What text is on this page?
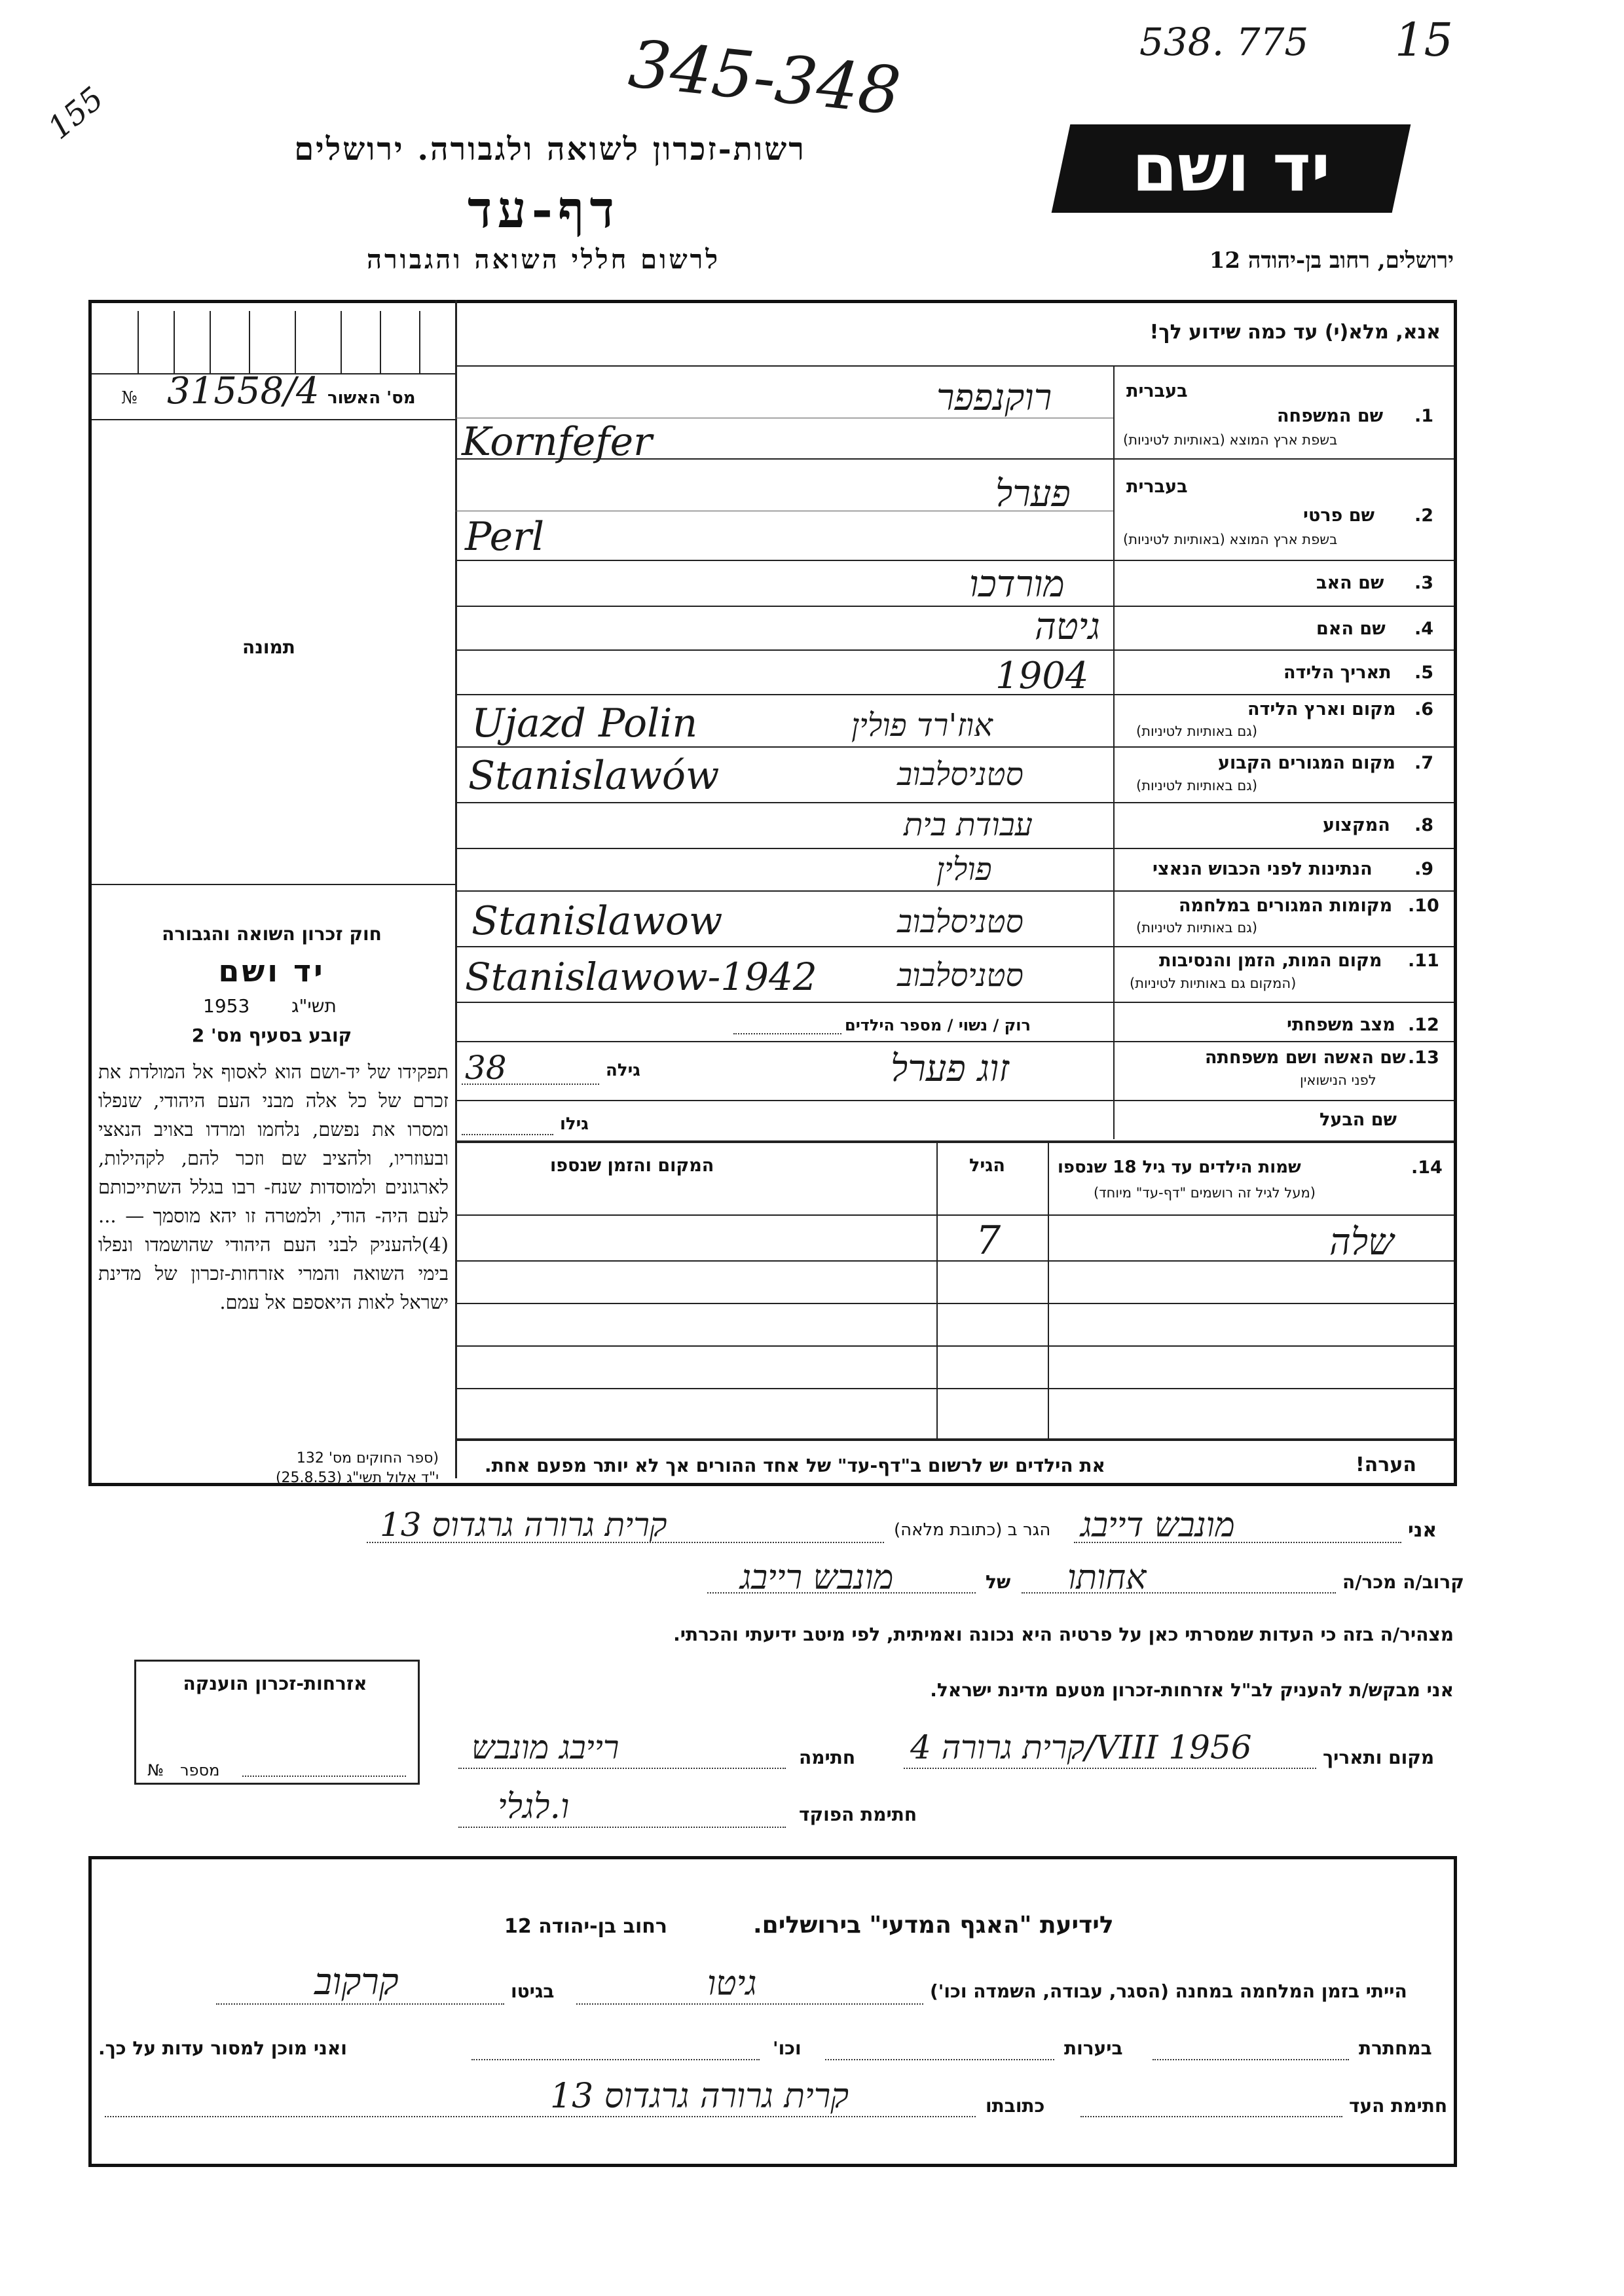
345-348	538. 775 15
155
רשות-זכרון לשואה ולגבורה. ירושלים
דף-עד
לרשום חללי השואה והגבורה
יד ושם
ירושלים, רחוב בן-יהודה 12
№ 31558/4 מס' האשור
תמונה
אנא, מלא(י) עד כמה שידוע לך!
בעברית
1.
שם המשפחה
בשפת ארץ המוצא (באותיות לטיניות)
רוקנפפר
Kornfefer
בעברית
2.
שם פרטי
בשפת ארץ המוצא (באותיות לטיניות)
פערל
Perl
3.
שם האב
מורדכו
4.
שם האם
גיטה
5.
תאריך הלידה
1904
6.
מקום וארץ הלידה
(גם באותיות לטיניות)
אוז'רד פולין
Ujazd Polin
7.
מקום המגורים הקבוע
(גם באותיות לטיניות)
סטניסלבוב
Stanislawów
8.
המקצוע
עבודת בית
9.
הנתינות לפני הכבוש הנאצי
פולין
10.
מקומות המגורים במלחמה
(גם באותיות לטיניות)
סטניסלבוב
Stanislawow
11.
מקום המות, הזמן והנסיבות
(המקום גם באותיות לטיניות)
סטניסלבוב
Stanislawow-1942
12.
מצב משפחתי
רוק / נשוי / מספר הילדים
13.
שם האשה ושם משפחתה
לפני הנישואין
זוג פערל
גילה
38
שם הבעל
גילו
14.
שמות הילדים עד גיל 18 שנספו
(מעל לגיל זה רושמים "דף-עד" מיוחד)
הגיל
המקום והזמן שנספו
שלה
7
הערה!
את הילדים יש לרשום ב"דף-עד" של אחד ההורים אך לא יותר מפעם אחת.
חוק זכרון השואה והגבורה
יד ושם
תשי"ג
1953
קובע בסעיף מס' 2
תפקידו של יד-ושם הוא לאסוף אל המולדת את זכרם של כל אלה מבני העם היהודי, שנפלו ומסרו את נפשם, נלחמו ומרדו באויב הנאצי ובעוזריו, ולהציב שם וזכר להם, לקהילות, לארגונים ולמוסדות שנח- רבו בגלל השתייכותם לעם היה- הודי, ולמטרה זו יהא מוסמך — ...(4)להעניק לבני העם היהודי שהושמדו ונפלו בימי השואה והמרי אזרחות-זכרון של מדינת ישראל לאות היאספם אל עמם.
(ספר החוקים מס' 132
י"ד אלול תשי"ג (25.8.53)
אני
מונבש דייבג
הגר ב (כתובת מלאה)
קרית גרורה גרגדוס 13
קרוב/ה מכר/ה
אחותו
של
מונבש רייבג
מצהיר/ה בזה כי העדות שמסרתי כאן על פרטיה היא נכונה ואמיתית, לפי מיטב ידיעתי והכרתי.
אני מבקש/ת להעניק לב"ל אזרחות-זכרון מטעם מדינת ישראל.
מקום ותאריך
קרית גרורה 4/VIII 1956
חתימה
רייבג מונבש
חתימת הפוקד
ו.לגלי
אזרחות-זכרון הוענקה
מספר
№
לידיעת "האגף המדעי" בירושלים.
רחוב בן-יהודה 12
הייתי בזמן המלחמה במחנה (הסגר, עבודה, השמדה וכו')
גיטו
בגיטו
קרקוב
במחתרת
ביערות
וכו'
ואני מוכן למסור עדות על כך.
חתימת העד
כתובתו
קרית גרורה גרגדוס 13
